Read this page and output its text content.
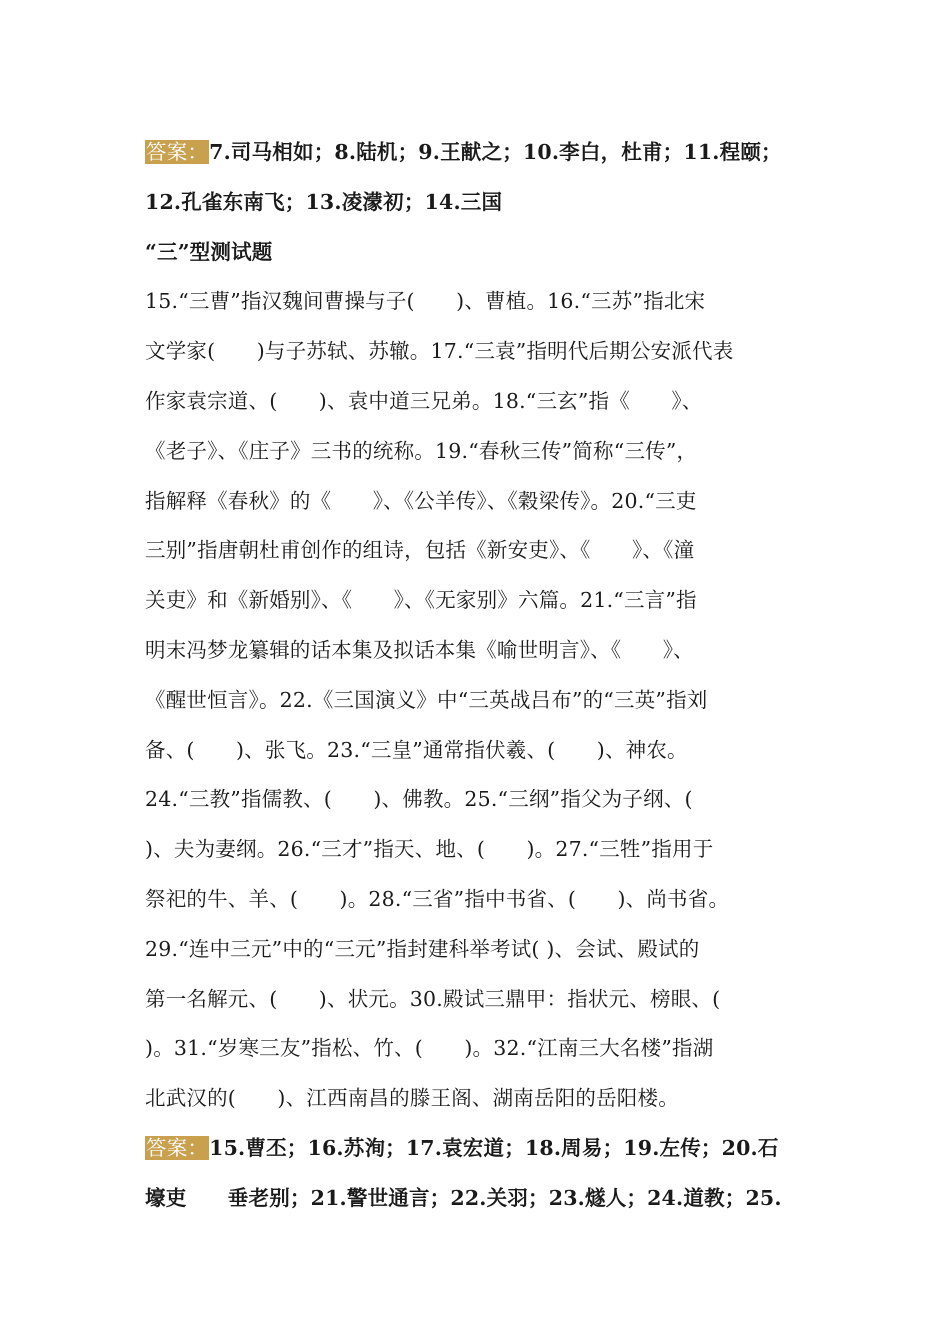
答案：7.司马相如；8.陆机；9.王献之；10.李白，杜甫；11.程颐；
12.孔雀东南飞；13.凌濛初；14.三国
“三”型测试题
15.“三曹”指汉魏间曹操与子(　　)、曹植。16.“三苏”指北宋
文学家(　　)与子苏轼、苏辙。17.“三袁”指明代后期公安派代表
作家袁宗道、(　　)、袁中道三兄弟。18.“三玄”指《　　》、
《老子》、《庄子》三书的统称。19.“春秋三传”简称“三传”，
指解释《春秋》的《　　》、《公羊传》、《穀梁传》。20.“三吏
三别”指唐朝杜甫创作的组诗，包括《新安吏》、《　　》、《潼
关吏》和《新婚别》、《　　》、《无家别》六篇。21.“三言”指
明末冯梦龙纂辑的话本集及拟话本集《喻世明言》、《　　》、
《醒世恒言》。22.《三国演义》中“三英战吕布”的“三英”指刘
备、(　　)、张飞。23.“三皇”通常指伏羲、(　　)、神农。
24.“三教”指儒教、(　　)、佛教。25.“三纲”指父为子纲、(
)、夫为妻纲。26.“三才”指天、地、(　　)。27.“三牲”指用于
祭祀的牛、羊、(　　)。28.“三省”指中书省、(　　)、尚书省。
29.“连中三元”中的“三元”指封建科举考试( )、会试、殿试的
第一名解元、(　　)、状元。30.殿试三鼎甲：指状元、榜眼、(
)。31.“岁寒三友”指松、竹、(　　)。32.“江南三大名楼”指湖
北武汉的(　　)、江西南昌的滕王阁、湖南岳阳的岳阳楼。
答案：15.曹丕；16.苏洵；17.袁宏道；18.周易；19.左传；20.石
壕吏　　垂老别；21.警世通言；22.关羽；23.燧人；24.道教；25.
